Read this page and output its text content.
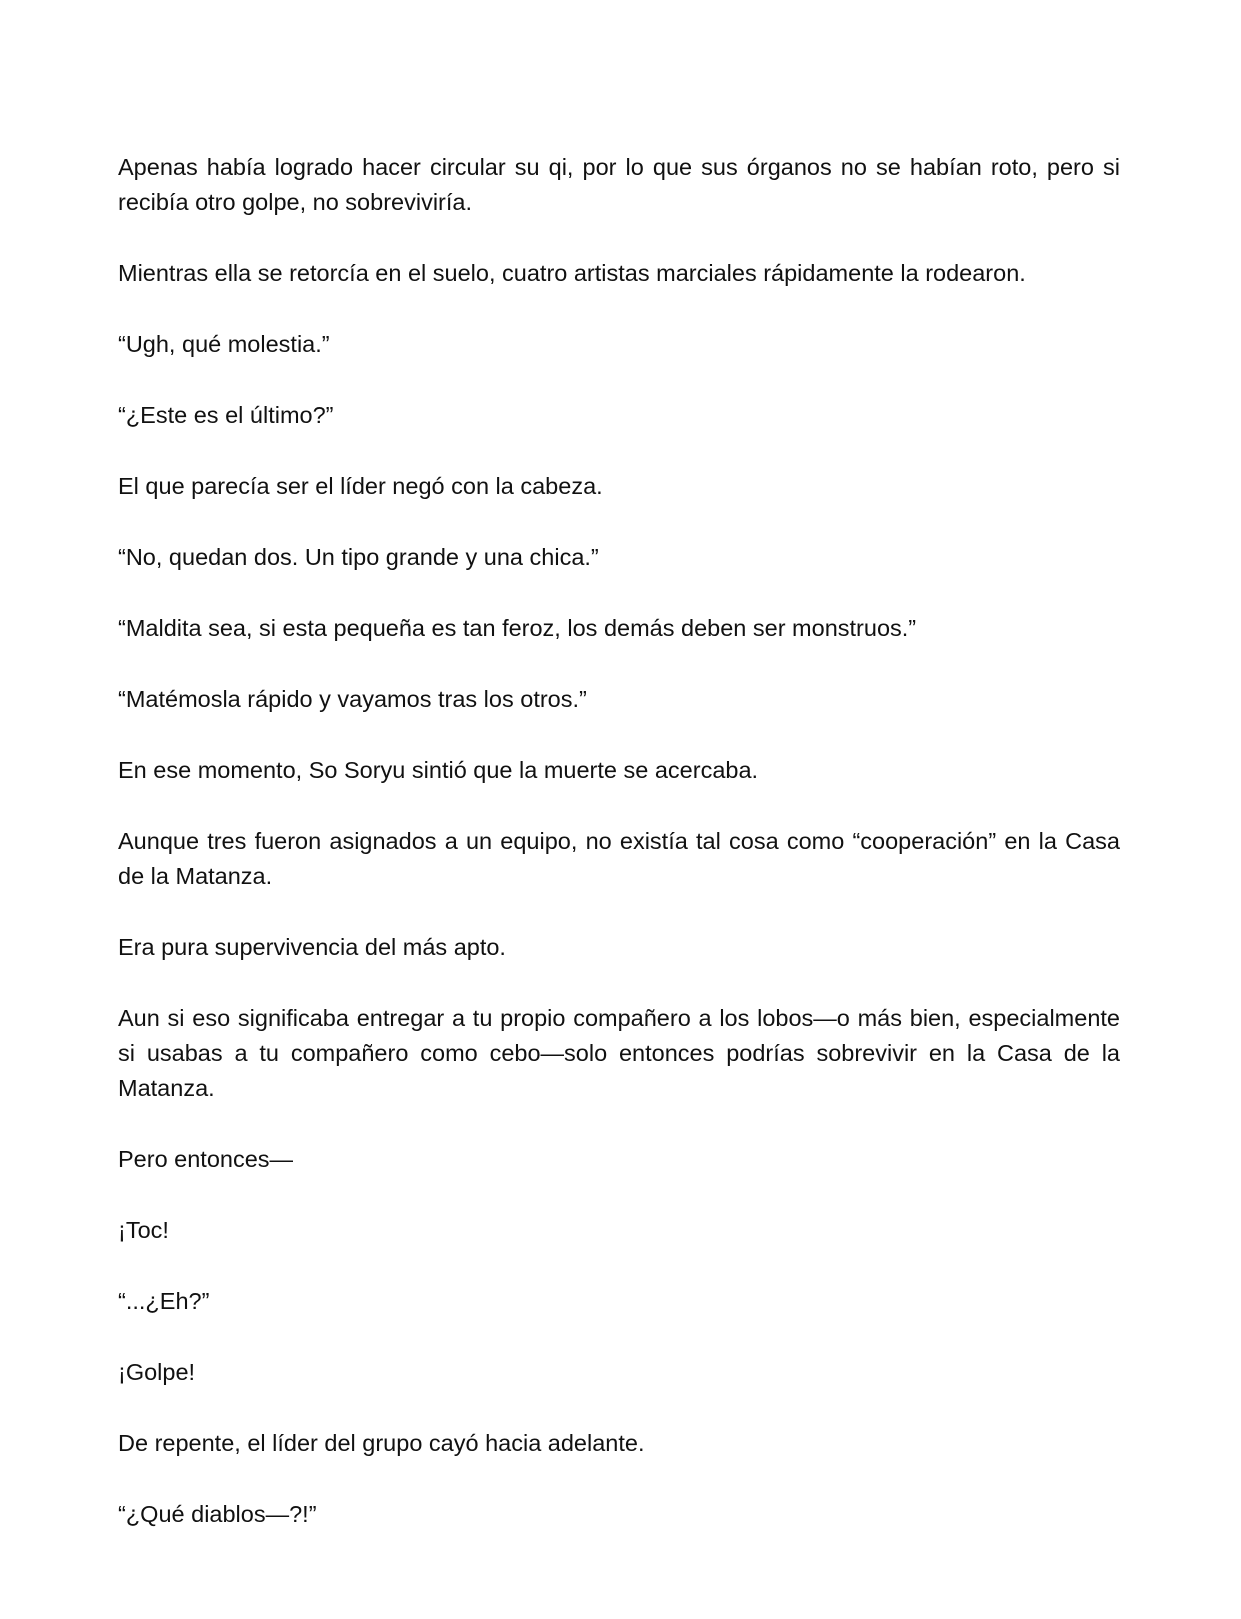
Apenas había logrado hacer circular su qi, por lo que sus órganos no se habían roto, pero si recibía otro golpe, no sobreviviría.

Mientras ella se retorcía en el suelo, cuatro artistas marciales rápidamente la rodearon.

“Ugh, qué molestia.”

“¿Este es el último?”

El que parecía ser el líder negó con la cabeza.

“No, quedan dos. Un tipo grande y una chica.”

“Maldita sea, si esta pequeña es tan feroz, los demás deben ser monstruos.”

“Matémosla rápido y vayamos tras los otros.”

En ese momento, So Soryu sintió que la muerte se acercaba.

Aunque tres fueron asignados a un equipo, no existía tal cosa como “cooperación” en la Casa de la Matanza.

Era pura supervivencia del más apto.

Aun si eso significaba entregar a tu propio compañero a los lobos—o más bien, especialmente si usabas a tu compañero como cebo—solo entonces podrías sobrevivir en la Casa de la Matanza.

Pero entonces—

¡Toc!

“...¿Eh?”

¡Golpe!

De repente, el líder del grupo cayó hacia adelante.

“¿Qué diablos—?!”
